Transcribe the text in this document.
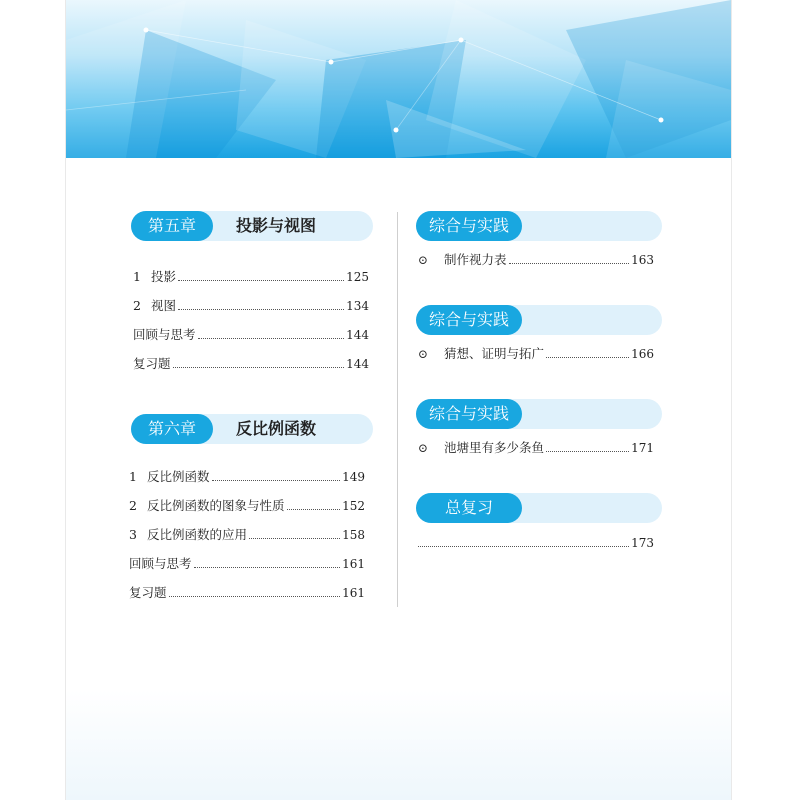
第五章	投影与视图
1 投影	125
2 视图	134
回顾与思考	144
复习题	144
第六章	反比例函数
1 反比例函数	149
2 反比例函数的图象与性质	152
3 反比例函数的应用	158
回顾与思考	161
复习题	161
综合与实践
⊙	制作视力表	163
综合与实践
⊙	猜想、证明与拓广	166
综合与实践
⊙	池塘里有多少条鱼	171
总复习
173
